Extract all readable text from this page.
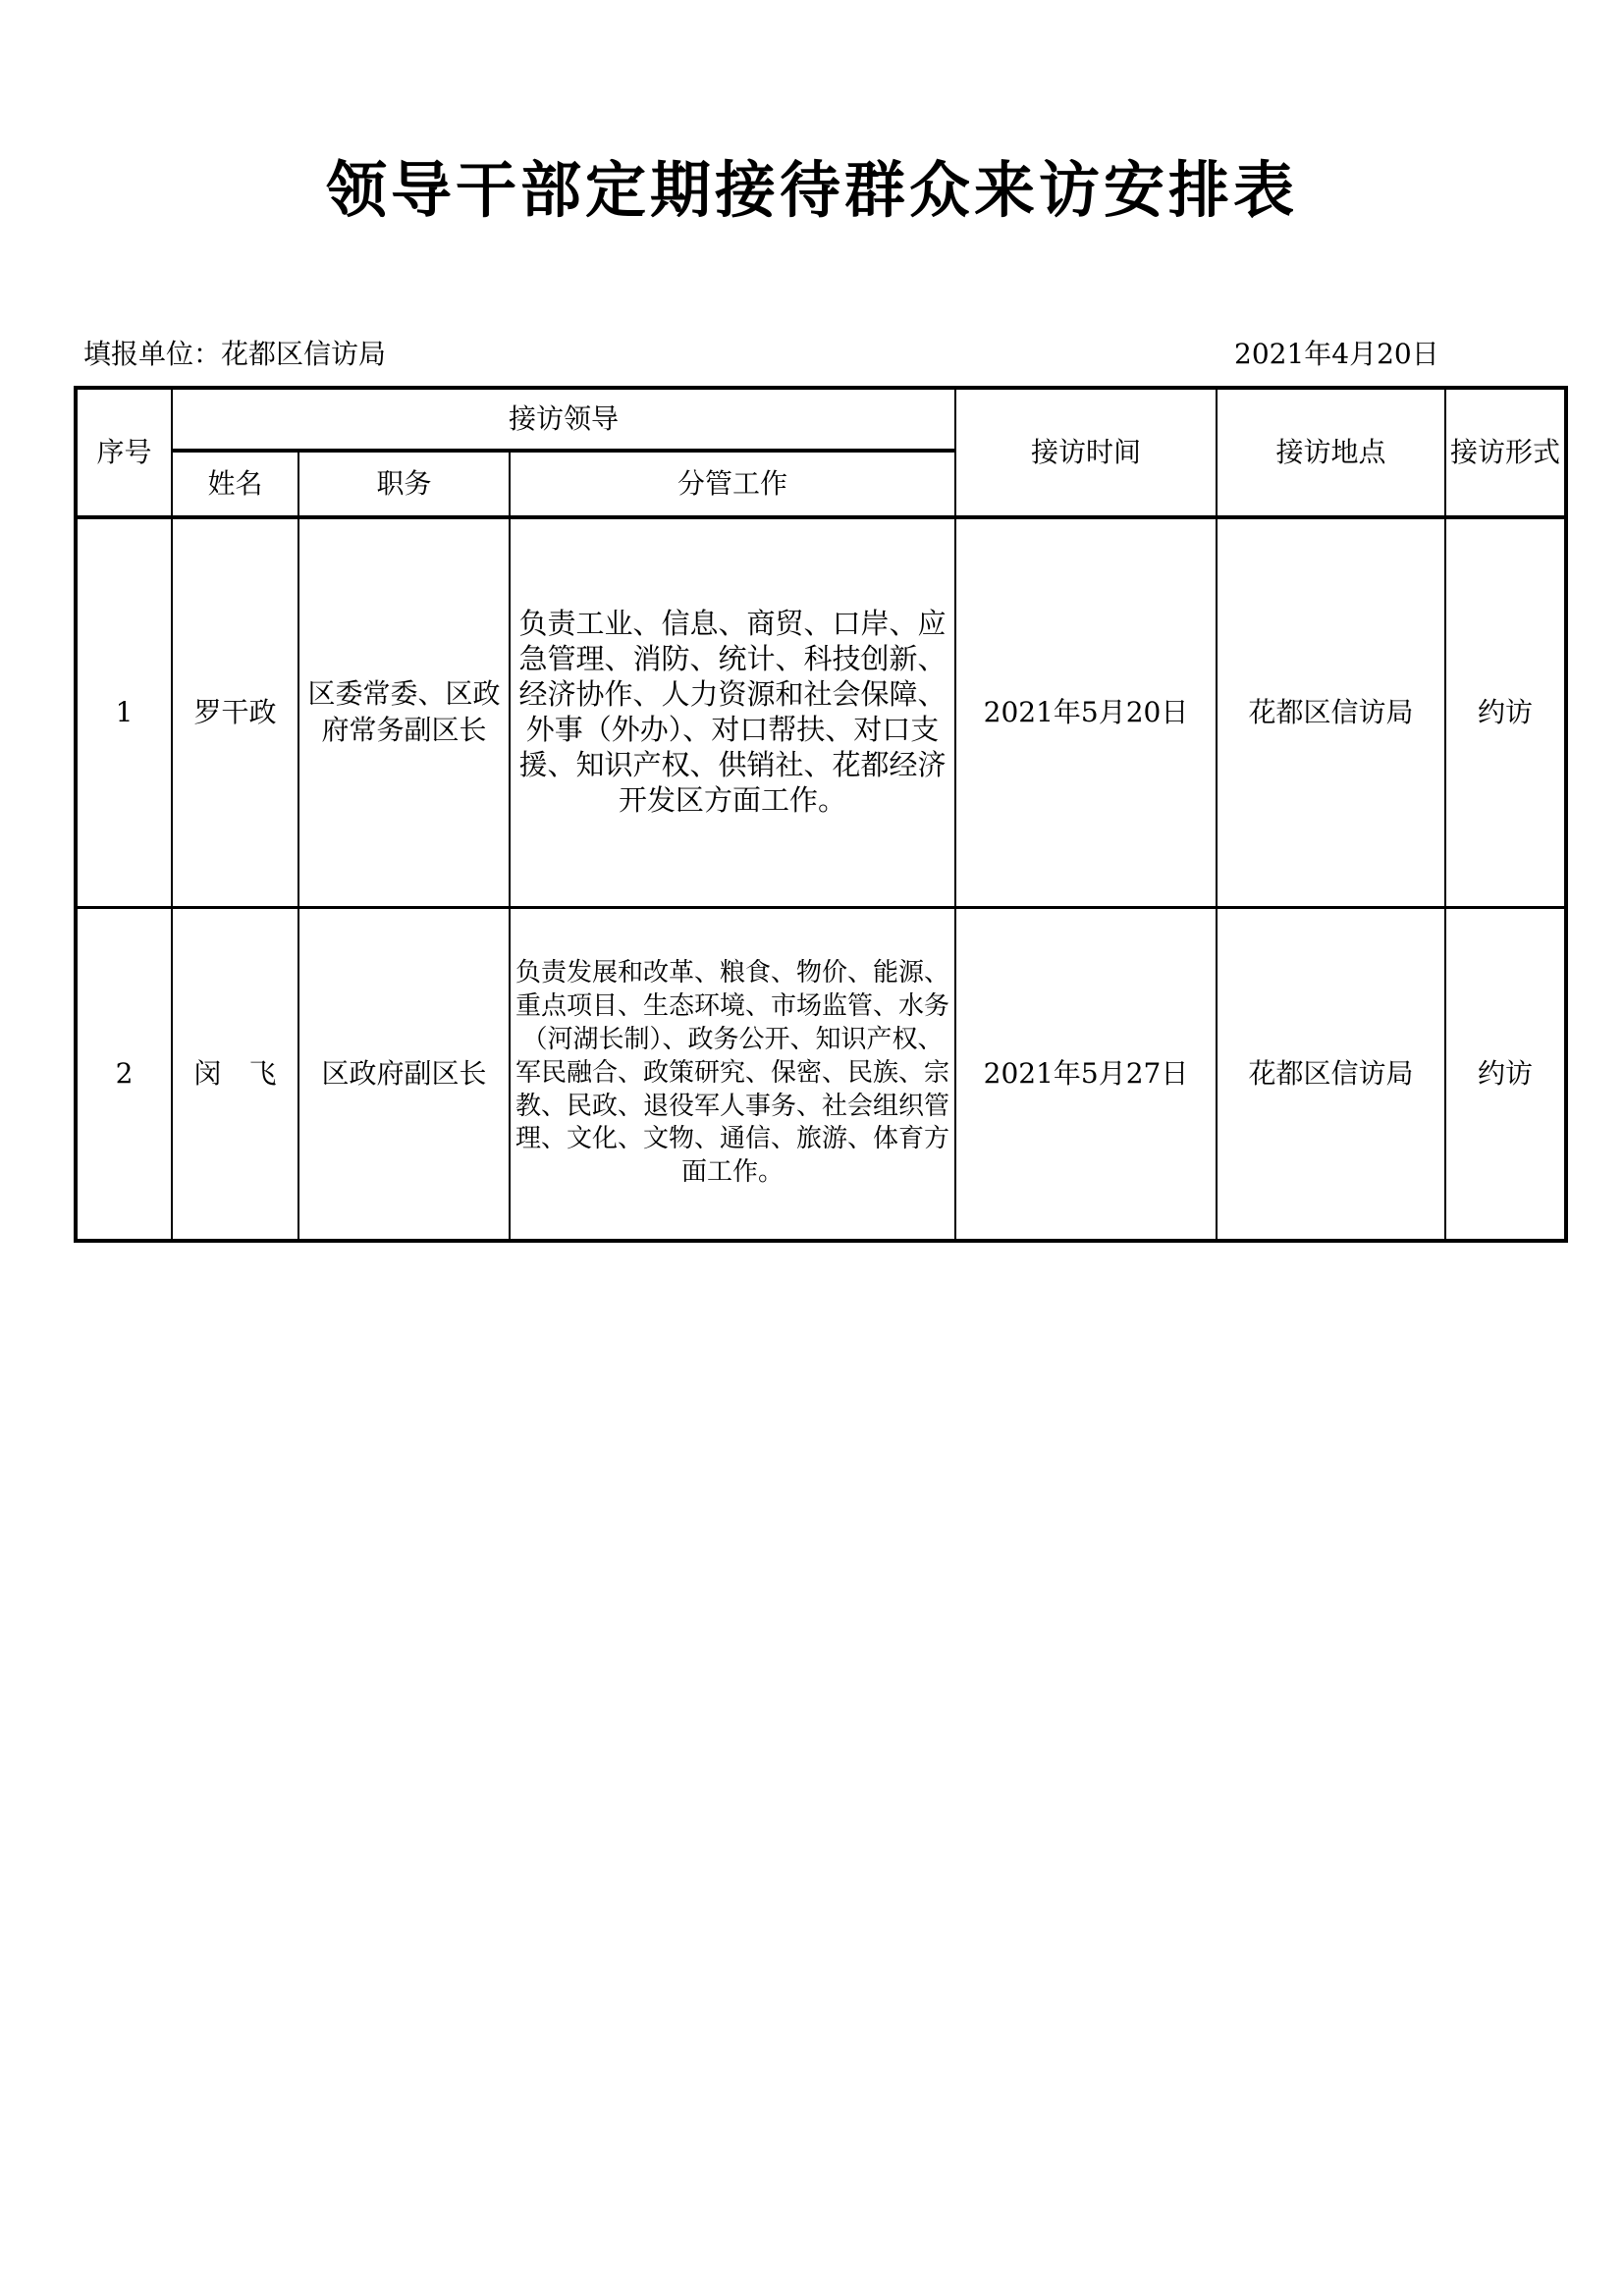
领导干部定期接待群众来访安排表
填报单位：花都区信访局	2021年4月20日
序号	接访领导			接访时间	接访地点	接访形式
	姓名	职务	分管工作			
1	罗干政	区委常委、区政府常务副区长	负责工业、信息、商贸、口岸、应急管理、消防、统计、科技创新、经济协作、人力资源和社会保障、外事（外办）、对口帮扶、对口支援、知识产权、供销社、花都经济开发区方面工作。	2021年5月20日	花都区信访局	约访
2	闵　飞	区政府副区长	负责发展和改革、粮食、物价、能源、重点项目、生态环境、市场监管、水务（河湖长制）、政务公开、知识产权、军民融合、政策研究、保密、民族、宗教、民政、退役军人事务、社会组织管理、文化、文物、通信、旅游、体育方面工作。	2021年5月27日	花都区信访局	约访
